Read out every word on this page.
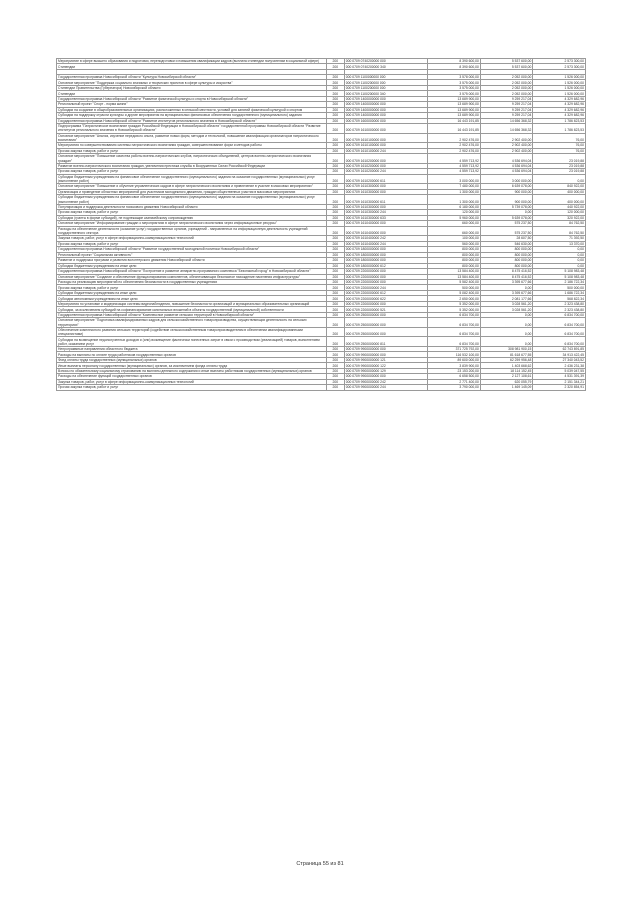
Мероприятие в сфере высшего образования и подготовки, переподготовки и повышения квалификации кадров (выплата стипендии получателям в социальной сфере)	200	000 0709 0740200000 000	8 390 600,00	5 537 600,00	2 573 300,00
Стипендии	200	000 0709 0740200000 340	8 390 600,00	5 537 600,00	2 573 300,00

Государственная программа Новосибирской области "Культура Новосибирской области"	200	000 0709 1100000000 000	3 578 000,00	2 052 000,00	1 526 000,00
Основное мероприятие "Поддержка социально значимых и творческих проектов в сфере культуры и искусства"	200	000 0709 1100200000 000	3 575 000,00	2 052 000,00	1 526 000,00
Стипендии Правительства (Губернатора) Новосибирской области	200	000 0709 1100200000 000	3 575 000,00	2 052 000,00	1 526 000,00
Стипендии	200	000 0709 1100200000 340	3 575 000,00	2 052 000,00	1 526 000,00
Государственная программа Новосибирской области "Развитие физической культуры и спорта в Новосибирской области"	200	000 0709 1400000000 000	13 689 900,00	9 259 217,04	4 329 682,96
Региональный проект "Спорт - норма жизни"	200	000 0709 1400000000 000	13 689 900,00	9 259 217,04	4 329 682,96
Субсидии на создание в общеобразовательных организациях, расположенных в сельской местности, условий для занятий физической культурой и спортом	200	000 0709 1400000000 000	13 689 900,00	9 259 217,04	4 329 682,96
Субсидии на поддержку отрасли культуры и другие мероприятия на муниципальных финансовых обеспечения государственного (муниципального) задания	200	000 0709 1400000000 000	13 689 900,00	9 259 217,04	4 329 682,96
Государственная программа Новосибирской области "Развитие институтов регионального значения в Новосибирской области"	200	000 0709 1600000000 000	16 443 191,85	14 656 368,32	1 786 823,53
Подпрограмма "Патриотическое воспитание граждан Российской Федерации в Новосибирской области" государственной программы Новосибирской области "Развитие институтов регионального значения в Новосибирской области"	200	000 0709 1610000000 000	16 443 191,85	14 656 368,32	1 786 823,53
Основное мероприятие "Анализ, изучение передового опыта, развитие новых форм, методов и технологий, повышение квалификации организаторов патриотического воспитания"	200	000 0709 1610100000 000	2 902 476,00	2 902 400,00	76,00
Мероприятия по совершенствованию системы патриотического воспитания граждан, совершенствование форм и методов работы	200	000 0709 1610100000 000	2 902 476,00	2 902 400,00	76,00
Прочая закупка товаров, работ и услуг	200	000 0709 1610100000 244	2 902 476,00	2 902 400,00	76,00
Основное мероприятие "Повышение качества работы военно-патриотических клубов, патриотических объединений, центров военно-патриотического воспитания граждан"	200	000 0709 1610200000 000	4 559 713,92	4 536 694,04	23 019,88
Развитие военно-патриотического воспитания граждан, увеличения престижа службы в Вооруженных Силах Российской Федерации	200	000 0709 1610200000 000	4 559 713,92	4 536 694,04	23 019,88
Прочая закупка товаров, работ и услуг	200	000 0709 1610200000 244	4 559 713,92	4 536 694,04	23 019,88
Субсидии бюджетным учреждениям на финансовое обеспечение государственного (муниципального) задания на оказание государственных (муниципальных) услуг (выполнение работ)	200	000 0709 1610200000 611	3 000 000,00	3 000 000,00	0,00
Основное мероприятие "Повышение и обучение управленческих кадров в сфере патриотического воспитания и привлечение в участие в массовых мероприятиях"	200	000 0709 1610300000 000	7 480 000,00	6 639 078,00	840 922,00
Организация и проведение областных мероприятий для участников молодежного движения, граждан общественных участия в массовых мероприятиях	200	000 0709 1610300000 000	1 300 000,00	900 000,00	400 000,00
Субсидии бюджетным учреждениям на финансовое обеспечение государственного (муниципального) задания на оказание государственных (муниципальных) услуг (выполнение работ)	200	000 0709 1610300000 611	1 300 000,00	900 000,00	400 000,00
Популяризация и поддержка деятельности поискового движения Новосибирской области	200	000 0709 1610300000 000	6 180 000,00	5 739 078,00	440 922,00
Прочая закупка товаров, работ и услуг	200	000 0709 1610300000 244	120 000,00	0,00	120 000,00
Субсидии (гранты в форме субсидий), не подлежащие казначейскому сопровождению	200	000 0709 1610300000 633	5 960 000,00	5 639 078,00	320 922,00
Основное мероприятие "Информирование граждан о мероприятиях в сфере патриотического воспитания через информационные ресурсы"	200	000 0709 1610400000 000	660 000,00	575 237,50	84 762,50
Расходы на обеспечение деятельности (оказание услуг) государственных органов, учреждений - направленных на информационную деятельность учреждений государственного сектора	200	000 0709 1610400000 000	660 000,00	575 237,50	84 762,50
Закупка товаров, работ, услуг в сфере информационно-коммуникационных технологий	200	000 0709 1610400000 242	100 000,00	28 607,50	71 392,50
Прочая закупка товаров, работ и услуг	200	000 0709 1610400000 244	560 000,00	546 630,00	13 370,00
Государственная программа Новосибирской области "Развитие государственной молодежной политики Новосибирской области"	200	000 0709 1800000000 000	800 000,00	800 000,00	0,00
Региональный проект "Социальная активность"	200	000 0709 1800000000 000	800 000,00	800 000,00	0,00
Развитие и поддержка программ и развития волонтерского движения Новосибирской области	200	000 0709 1800000000 000	800 000,00	800 000,00	0,00
Субсидии бюджетным учреждениям на иные цели	200	000 0709 1800000000 612	800 000,00	800 000,00	0,00
Государственная программа Новосибирской области "Построение и развитие аппаратно-программного комплекса "Безопасный город" в Новосибирской области"	200	000 0709 2200000000 000	13 584 400,00	8 475 416,52	5 108 983,48
Основное мероприятие "Создание и обеспечение функционирования компонентов, обеспечивающих безопасное нахождение населения инфраструктуры"	200	000 0709 2200000000 000	13 584 400,00	8 475 416,52	5 108 983,48
Расходы на реализацию мероприятий по обеспечению безопасности в государственных учреждениях	200	000 0709 2200000000 000	5 582 400,00	3 395 677,66	2 186 722,34
Прочая закупка товаров, работ и услуг	200	000 0709 2200000000 244	500 000,00	0,00	500 000,00
Субсидии бюджетным учреждениям на иные цели	200	000 0709 2200000000 612	5 082 400,00	3 395 677,66	1 686 722,34
Субсидии автономным учреждениям на иные цели	200	000 0709 2200000000 622	2 650 000,00	2 081 177,66	568 822,34
Мероприятия по установке и модернизации системы видеонаблюдения, повышение безопасности организаций и муниципальных образовательных организаций	200	000 0709 2200000000 000	5 352 000,00	3 028 561,20	2 323 438,80
Субсидии, за исключением субсидий на софинансирование капитальных вложений в объекты государственной (муниципальной) собственности	200	000 0709 2200000000 521	5 352 000,00	3 028 561,20	2 323 438,80
Государственная программа Новосибирской области "Комплексное развитие сельских территорий в Новосибирской области"	200	000 0709 2500000000 000	6 834 700,00	0,00	6 834 700,00
Основное мероприятие "Подготовка квалифицированных кадров для сельскохозяйственного товаропроизводства, осуществляющих деятельность на сельских территориях"	200	000 0709 2500000000 000	6 834 700,00	0,00	6 834 700,00
Обеспечение комплексного развития сельских территорий (содействие сельскохозяйственным товаропроизводителям в обеспечении квалифицированными специалистами)	200	000 0709 2500000000 000	6 834 700,00	0,00	6 834 700,00
Субсидии на возмещение недополученных доходов и (или) возмещение фактически понесенных затрат в связи с производством (реализацией) товаров, выполнением работ, оказанием услуг	200	000 0709 2500000000 811	6 834 700,00	0,00	6 834 700,00
Непрограммные направления областного бюджета	200	000 0709 9900000000 000	371 725 792,00	308 981 900,15	62 743 891,85
Расходы на выплаты по оплате труда работников государственных органов	200	000 0709 9900000000 000	116 532 100,00	81 618 677,55	34 913 422,45
Фонд оплаты труда государственных (муниципальных) органов	200	000 0709 9900000000 121	89 600 000,00	62 259 956,48	27 340 043,52
Иные выплаты персоналу государственных (муниципальных) органов, за исключением фонда оплаты труда	200	000 0709 9900000000 122	3 839 900,00	1 403 668,62	2 436 231,38
Взносы по обязательному социальному страхованию на выплаты денежного содержания и иные выплаты работникам государственных (муниципальных) органов	200	000 0709 9900000000 129	23 153 200,00	18 114 152,45	5 039 047,55
Расходы на обеспечение функций государственных органов	200	000 0709 9900000000 000	6 658 500,00	2 127 108,61	4 531 391,39
Закупка товаров, работ, услуг в сфере информационно-коммуникационных технологий	200	000 0709 9900000000 242	2 771 400,00	620 055,79	2 151 344,21
Прочая закупка товаров, работ и услуг	200	000 0709 9900000000 244	3 790 000,00	1 469 145,09	2 320 854,91
Страница 55 из 81
